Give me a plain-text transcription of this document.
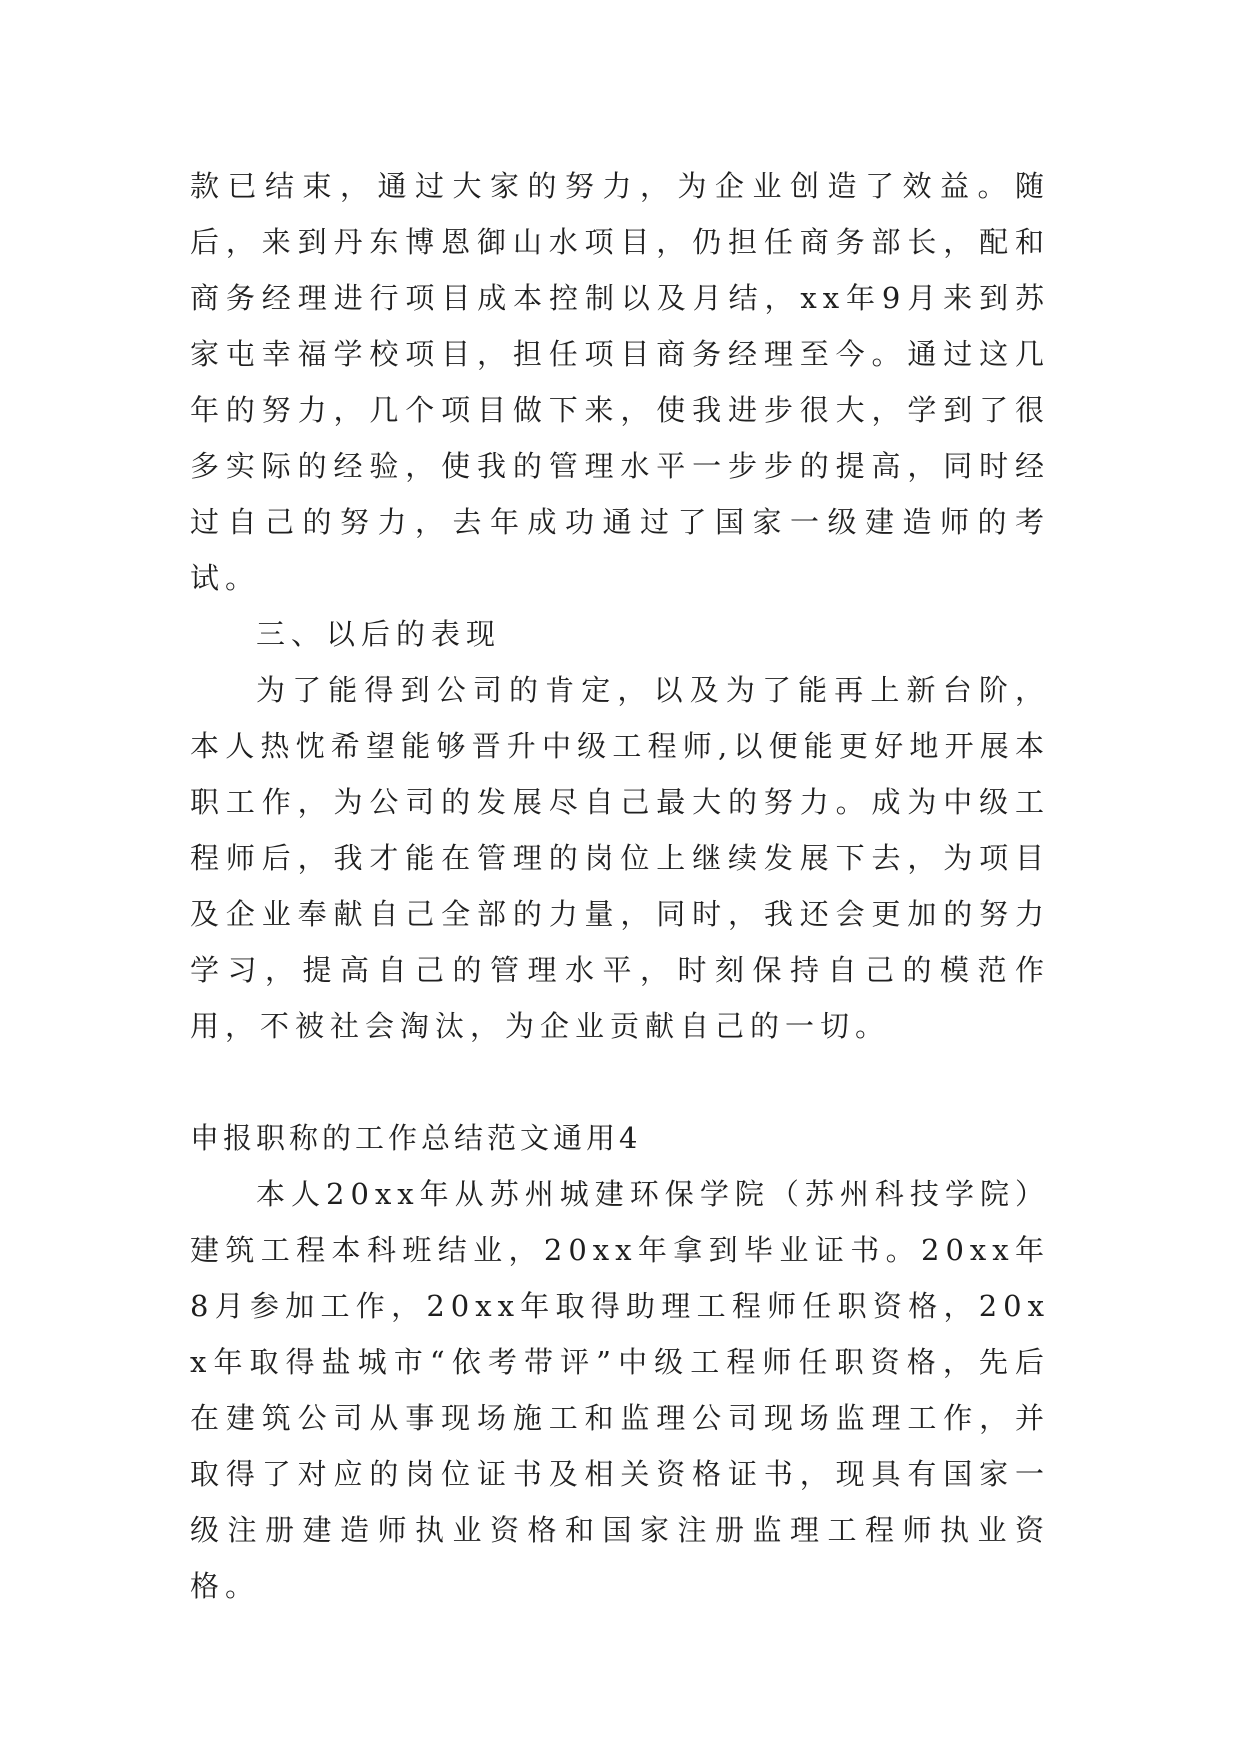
款已结束，通过大家的努力，为企业创造了效益。随后，来到丹东博恩御山水项目，仍担任商务部长，配和商务经理进行项目成本控制以及月结，xx年9月来到苏家屯幸福学校项目，担任项目商务经理至今。通过这几年的努力，几个项目做下来，使我进步很大，学到了很多实际的经验，使我的管理水平一步步的提高，同时经过自己的努力，去年成功通过了国家一级建造师的考试。

三、以后的表现

为了能得到公司的肯定，以及为了能再上新台阶，本人热忱希望能够晋升中级工程师,以便能更好地开展本职工作，为公司的发展尽自己最大的努力。成为中级工程师后，我才能在管理的岗位上继续发展下去，为项目及企业奉献自己全部的力量，同时，我还会更加的努力学习，提高自己的管理水平，时刻保持自己的模范作用，不被社会淘汰，为企业贡献自己的一切。

申报职称的工作总结范文通用4

本人20xx年从苏州城建环保学院（苏州科技学院）建筑工程本科班结业，20xx年拿到毕业证书。20xx年8月参加工作，20xx年取得助理工程师任职资格，20xx年取得盐城市“依考带评”中级工程师任职资格，先后在建筑公司从事现场施工和监理公司现场监理工作，并取得了对应的岗位证书及相关资格证书，现具有国家一级注册建造师执业资格和国家注册监理工程师执业资格。
